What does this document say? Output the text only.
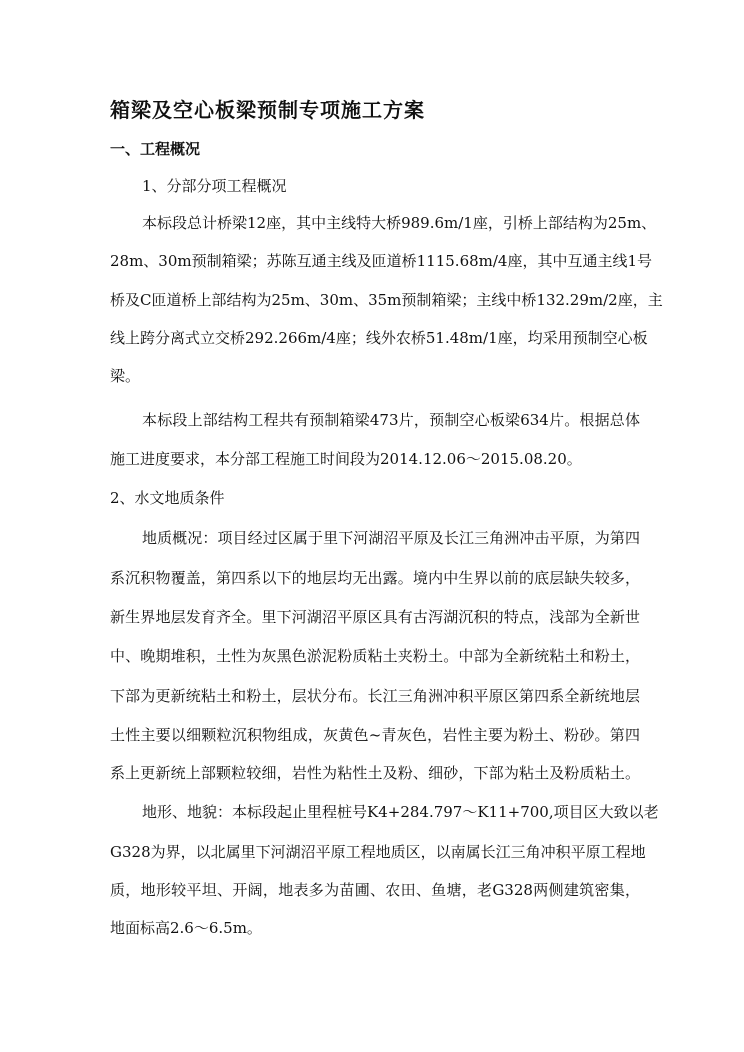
箱梁及空心板梁预制专项施工方案
一、工程概况
1、分部分项工程概况
本标段总计桥梁12座，其中主线特大桥989.6m/1座，引桥上部结构为25m、
28m、30m预制箱梁；苏陈互通主线及匝道桥1115.68m/4座，其中互通主线1号
桥及C匝道桥上部结构为25m、30m、35m预制箱梁；主线中桥132.29m/2座，主
线上跨分离式立交桥292.266m/4座；线外农桥51.48m/1座，均采用预制空心板
梁。
本标段上部结构工程共有预制箱梁473片，预制空心板梁634片。根据总体
施工进度要求，本分部工程施工时间段为2014.12.06～2015.08.20。
2、水文地质条件
地质概况：项目经过区属于里下河湖沼平原及长江三角洲冲击平原，为第四
系沉积物覆盖，第四系以下的地层均无出露。境内中生界以前的底层缺失较多，
新生界地层发育齐全。里下河湖沼平原区具有古泻湖沉积的特点，浅部为全新世
中、晚期堆积，土性为灰黑色淤泥粉质粘土夹粉土。中部为全新统粘土和粉土，
下部为更新统粘土和粉土，层状分布。长江三角洲冲积平原区第四系全新统地层
土性主要以细颗粒沉积物组成，灰黄色~青灰色，岩性主要为粉土、粉砂。第四
系上更新统上部颗粒较细，岩性为粘性土及粉、细砂，下部为粘土及粉质粘土。
地形、地貌：本标段起止里程桩号K4+284.797～K11+700,项目区大致以老
G328为界，以北属里下河湖沼平原工程地质区，以南属长江三角冲积平原工程地
质，地形较平坦、开阔，地表多为苗圃、农田、鱼塘，老G328两侧建筑密集，
地面标高2.6～6.5m。
